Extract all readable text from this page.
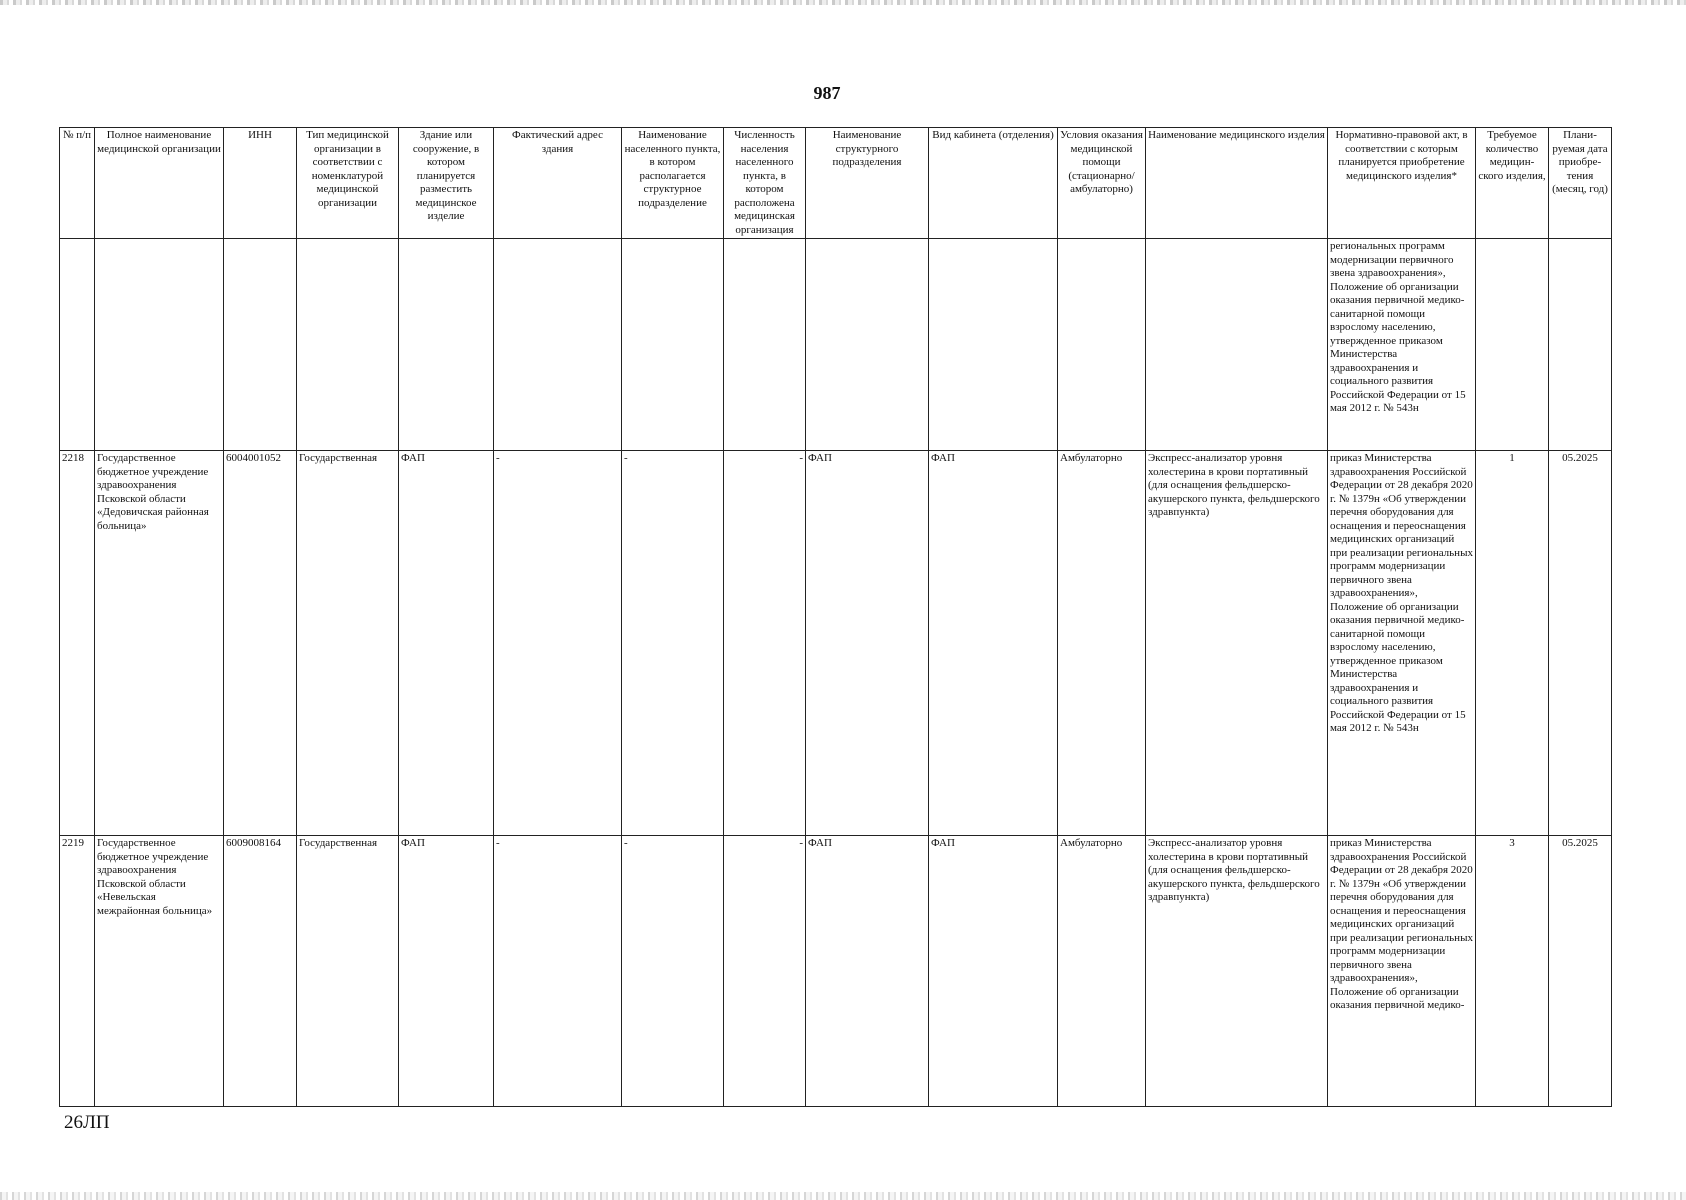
987
№ п/п	Полное наименование медицинской организации	ИНН	Тип медицинской организации в соответствии с номенклатурой медицинской организации	Здание или сооружение, в котором планируется разместить медицинское изделие	Фактический адрес здания	Наименование населенного пункта, в котором располагается структурное подразделение	Численность населения населенного пункта, в котором расположена медицинская организация	Наименование структурного подразделения	Вид кабинета (отделения)	Условия оказания медицинской помощи (стационарно/ амбулаторно)	Наименование медицинского изделия	Нормативно-правовой акт, в соответствии с которым планируется приобретение медицинского изделия*	Требуемое количество медицин-ского изделия,	Плани-руемая дата приобре-тения (месяц, год)
												региональных программ модернизации первичного звена здравоохранения», Положение об организации оказания первичной медико-санитарной помощи взрослому населению, утвержденное приказом Министерства здравоохранения и социального развития Российской Федерации от 15 мая 2012 г. № 543н		
2218	Государственное бюджетное учреждение здравоохранения Псковской области «Дедовичская районная больница»	6004001052	Государственная	ФАП	-	-	-	ФАП	ФАП	Амбулаторно	Экспресс-анализатор уровня холестерина в крови портативный (для оснащения фельдшерско-акушерского пункта, фельдшерского здравпункта)	приказ Министерства здравоохранения Российской Федерации от 28 декабря 2020 г. № 1379н «Об утверждении перечня оборудования для оснащения и переоснащения медицинских организаций при реализации региональных программ модернизации первичного звена здравоохранения», Положение об организации оказания первичной медико-санитарной помощи взрослому населению, утвержденное приказом Министерства здравоохранения и социального развития Российской Федерации от 15 мая 2012 г. № 543н	1	05.2025
2219	Государственное бюджетное учреждение здравоохранения Псковской области «Невельская межрайонная больница»	6009008164	Государственная	ФАП	-	-	-	ФАП	ФАП	Амбулаторно	Экспресс-анализатор уровня холестерина в крови портативный (для оснащения фельдшерско-акушерского пункта, фельдшерского здравпункта)	приказ Министерства здравоохранения Российской Федерации от 28 декабря 2020 г. № 1379н «Об утверждении перечня оборудования для оснащения и переоснащения медицинских организаций при реализации региональных программ модернизации первичного звена здравоохранения», Положение об организации оказания первичной медико-	3	05.2025
26ЛП
